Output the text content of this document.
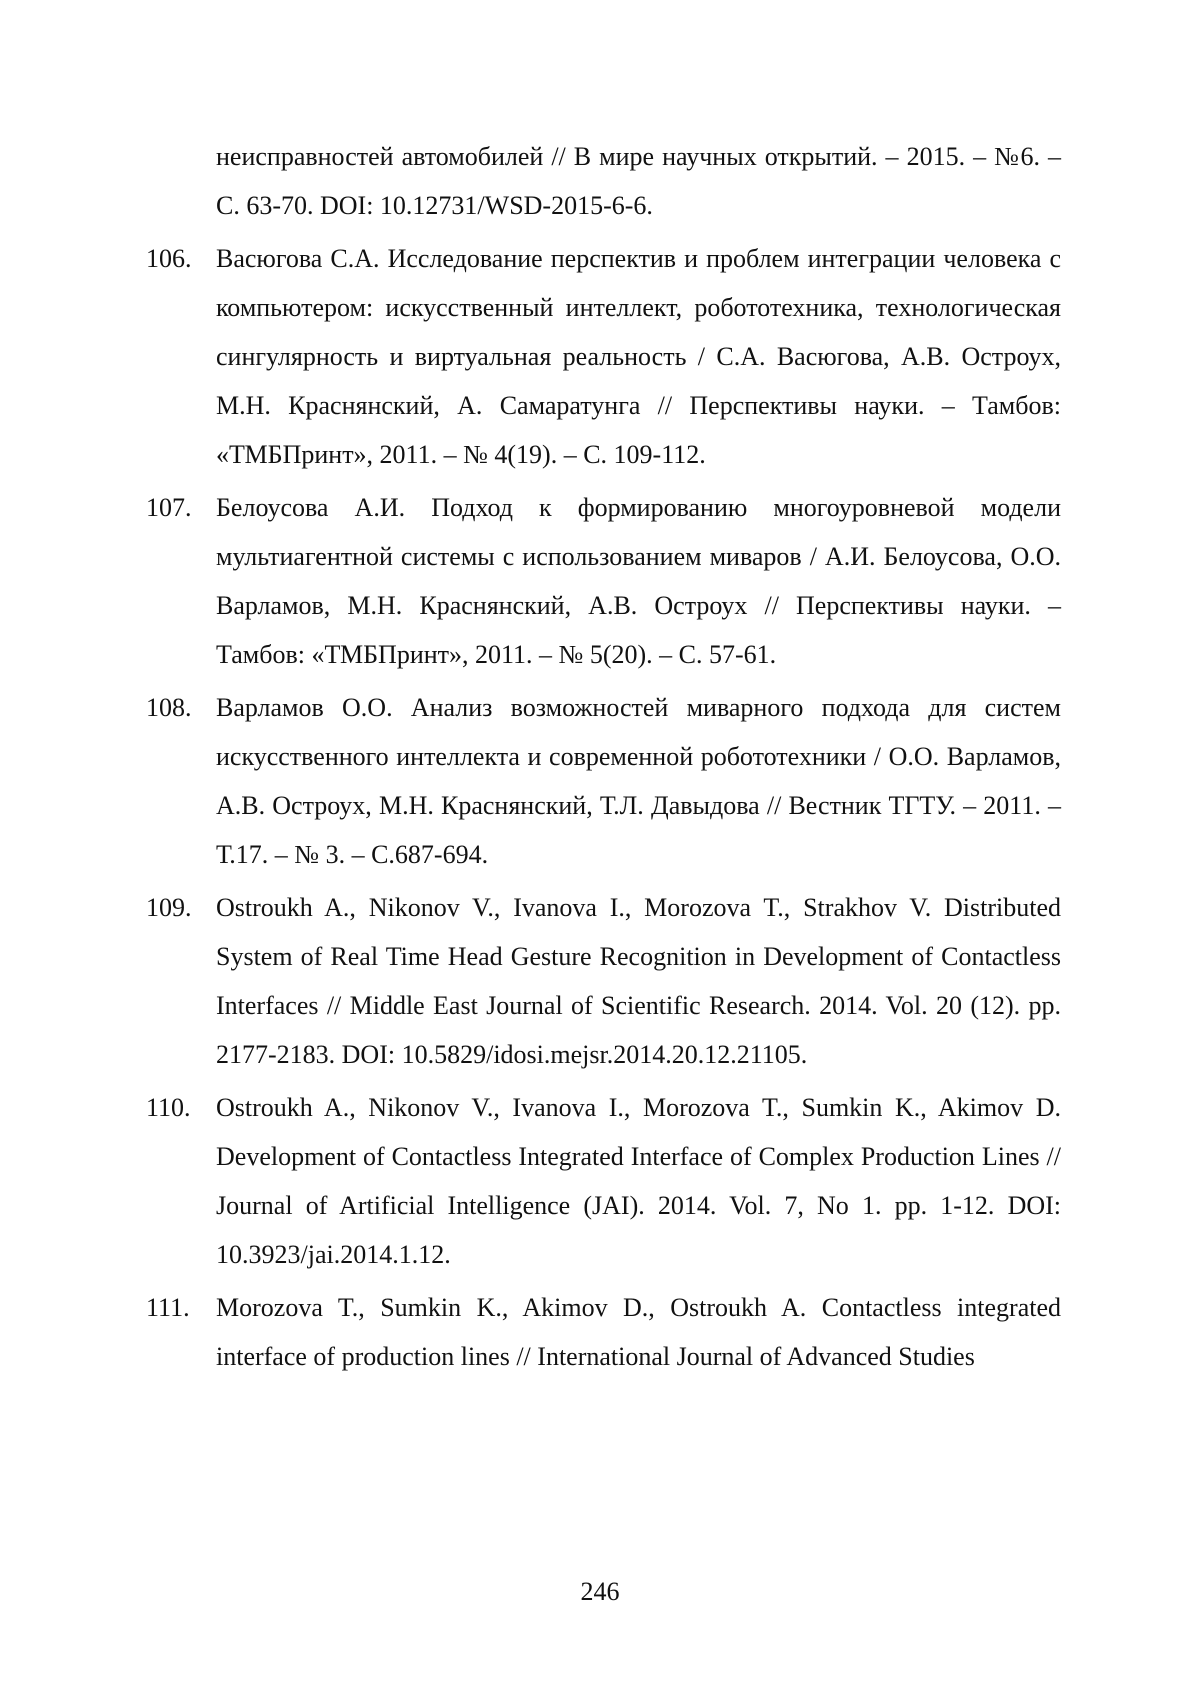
неисправностей автомобилей // В мире научных открытий. – 2015. – №6. – С. 63-70. DOI: 10.12731/WSD-2015-6-6.
106. Васюгова С.А. Исследование перспектив и проблем интеграции человека с компьютером: искусственный интеллект, робототехника, технологическая сингулярность и виртуальная реальность / С.А. Васюгова, А.В. Остроух, М.Н. Краснянский, А. Самаратунга // Перспективы науки. – Тамбов: «ТМБПринт», 2011. – № 4(19). – С. 109-112.
107. Белоусова А.И. Подход к формированию многоуровневой модели мультиагентной системы с использованием миваров / А.И. Белоусова, О.О. Варламов, М.Н. Краснянский, А.В. Остроух // Перспективы науки. – Тамбов: «ТМБПринт», 2011. – № 5(20). – С. 57-61.
108. Варламов О.О. Анализ возможностей миварного подхода для систем искусственного интеллекта и современной робототехники / О.О. Варламов, А.В. Остроух, М.Н. Краснянский, Т.Л. Давыдова // Вестник ТГТУ. – 2011. – Т.17. – № 3. – С.687-694.
109. Ostroukh A., Nikonov V., Ivanova I., Morozova T., Strakhov V. Distributed System of Real Time Head Gesture Recognition in Development of Contactless Interfaces // Middle East Journal of Scientific Research. 2014. Vol. 20 (12). pp. 2177-2183. DOI: 10.5829/idosi.mejsr.2014.20.12.21105.
110. Ostroukh A., Nikonov V., Ivanova I., Morozova T., Sumkin K., Akimov D. Development of Contactless Integrated Interface of Complex Production Lines // Journal of Artificial Intelligence (JAI). 2014. Vol. 7, No 1. pp. 1-12. DOI: 10.3923/jai.2014.1.12.
111.	Morozova T., Sumkin K., Akimov D., Ostroukh A. Contactless integrated interface of production lines // International Journal of Advanced Studies
246
